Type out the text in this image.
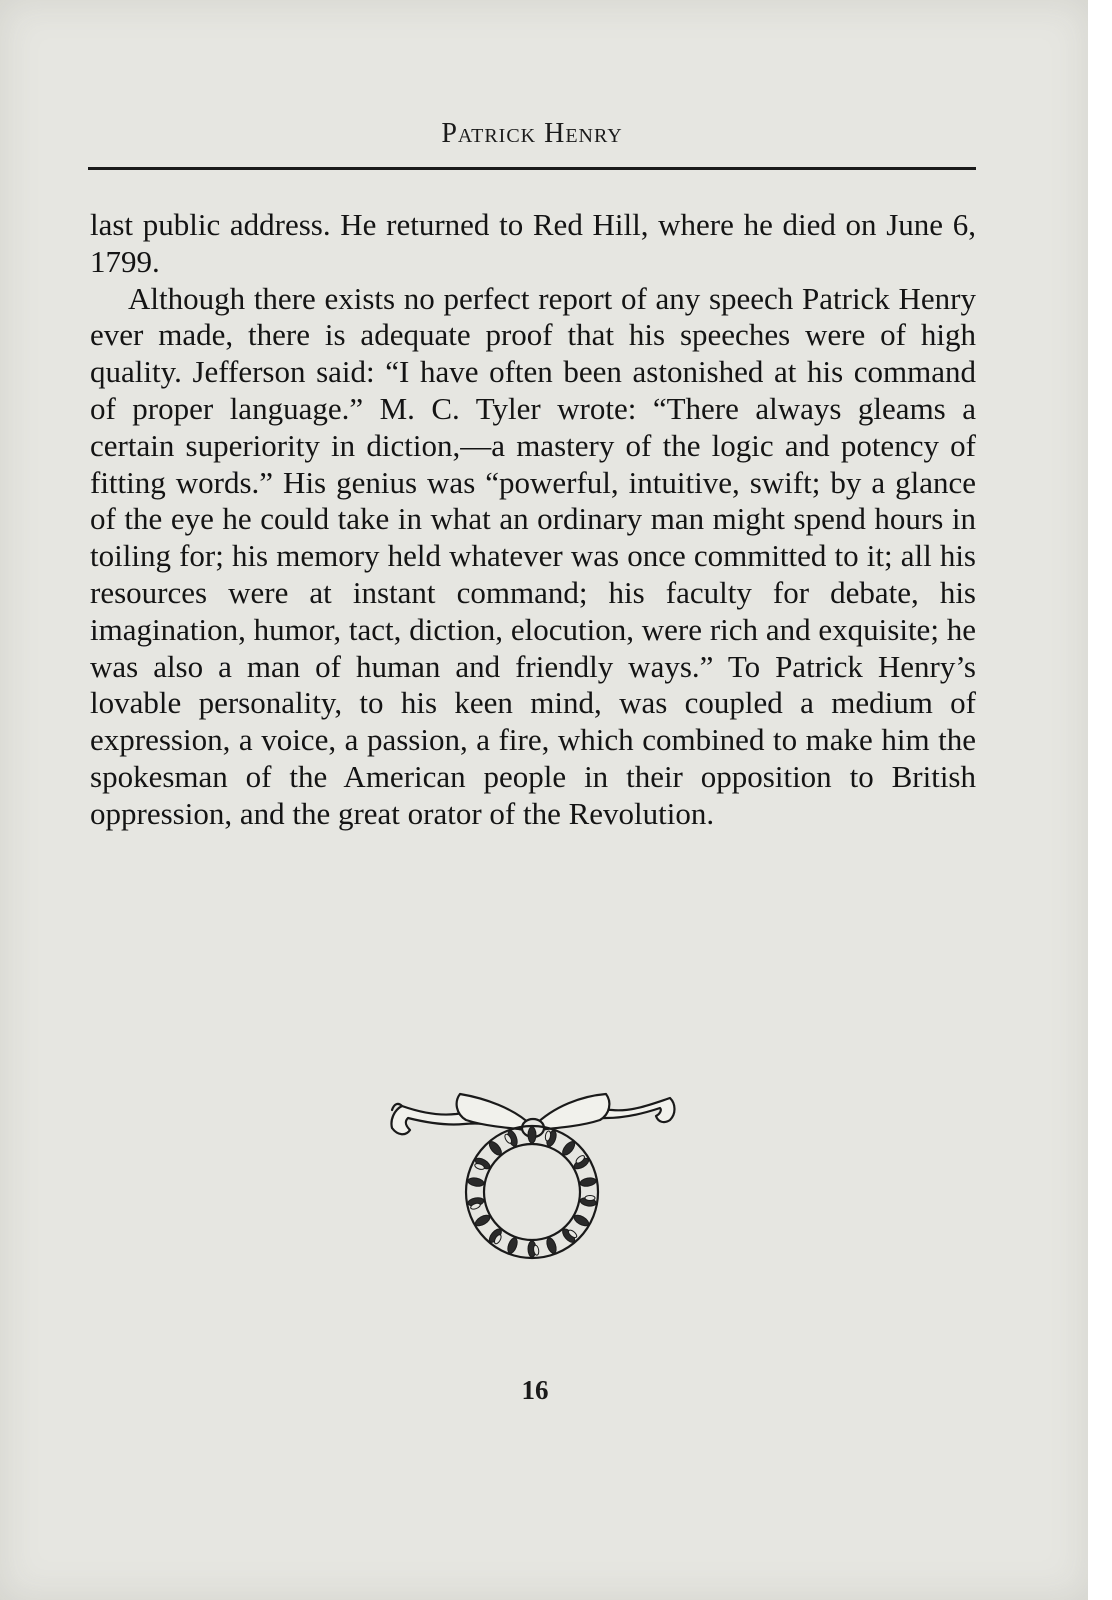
Patrick Henry

last public address. He returned to Red Hill, where he died on June 6, 1799.

Although there exists no perfect report of any speech Patrick Henry ever made, there is adequate proof that his speeches were of high quality. Jefferson said: “I have often been astonished at his command of proper language.” M. C. Tyler wrote: “There always gleams a certain superiority in diction,—a mastery of the logic and potency of fitting words.” His genius was “powerful, intuitive, swift; by a glance of the eye he could take in what an ordinary man might spend hours in toiling for; his memory held whatever was once committed to it; all his resources were at instant command; his faculty for debate, his imagination, humor, tact, diction, elocution, were rich and exquisite; he was also a man of human and friendly ways.” To Patrick Henry’s lovable personality, to his keen mind, was coupled a medium of expression, a voice, a passion, a fire, which combined to make him the spokesman of the American people in their opposition to British oppression, and the great orator of the Revolution.

16
